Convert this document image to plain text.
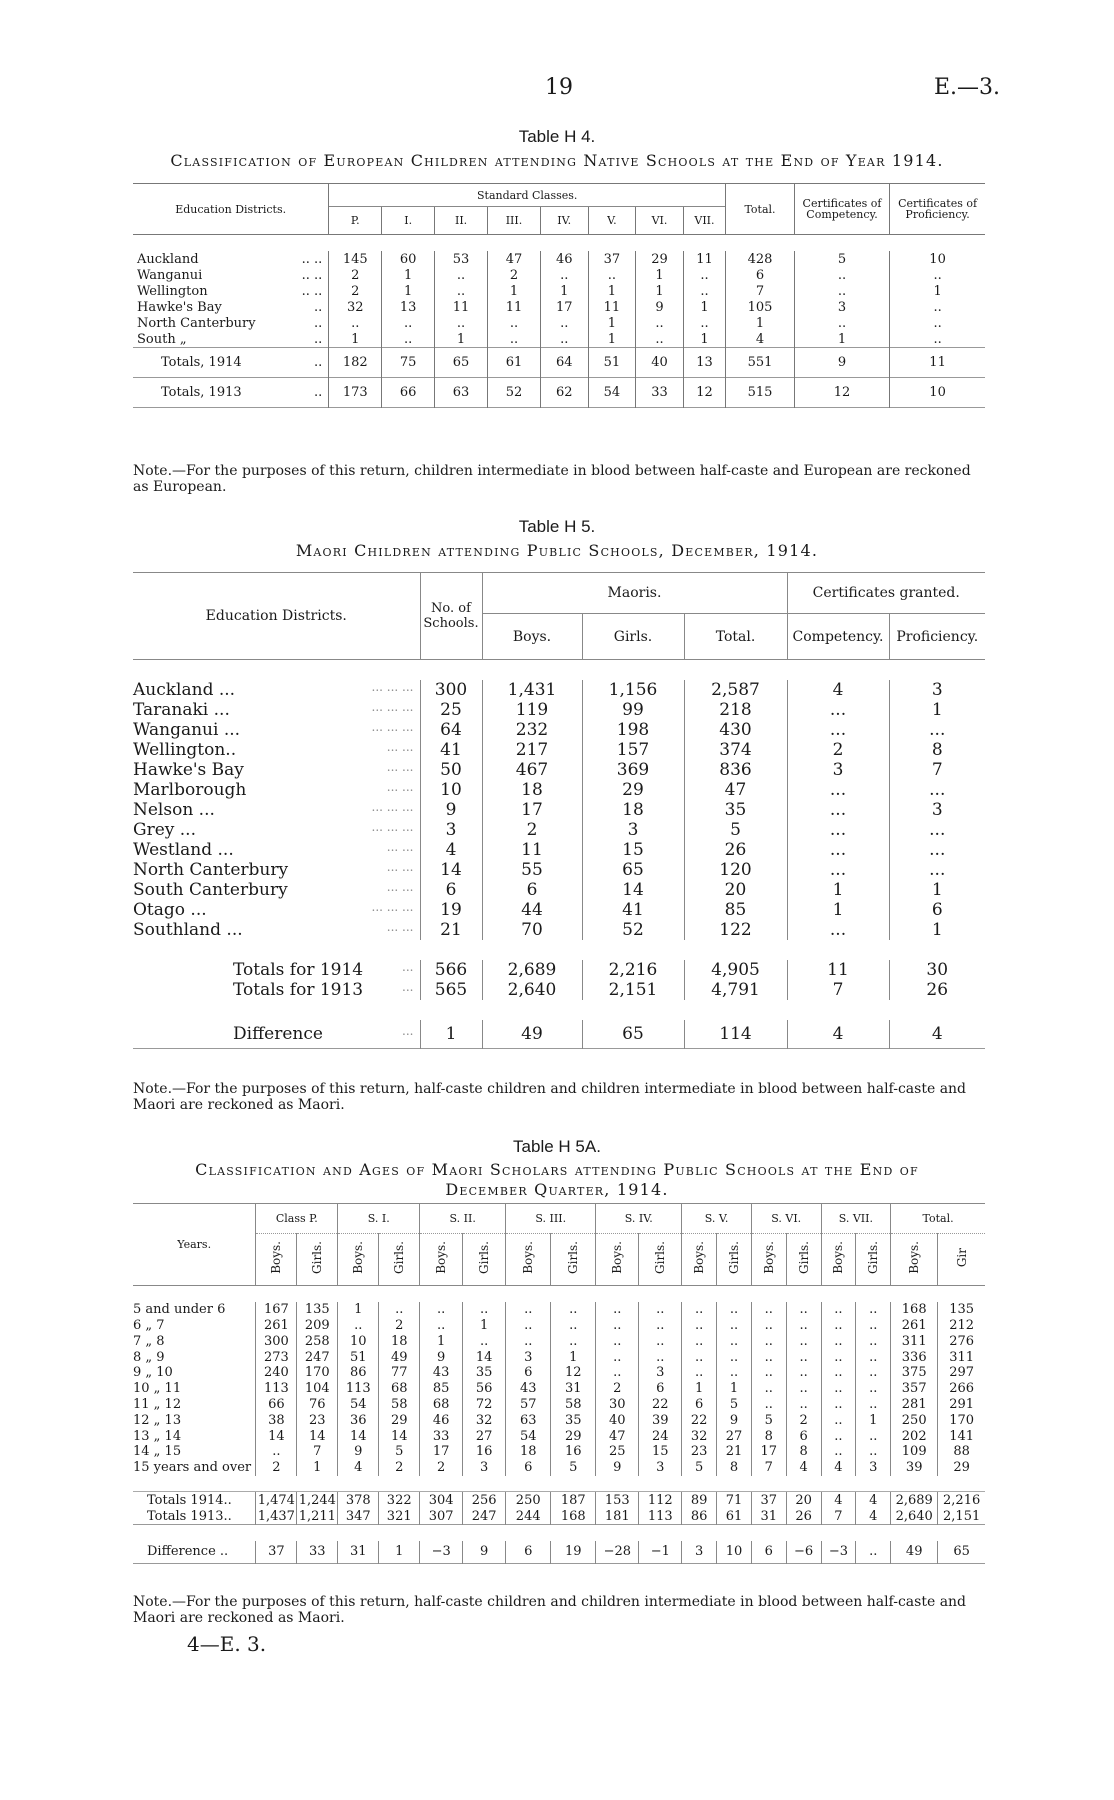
19	E.—3.
Table H 4.
Classification of European Children attending Native Schools at the End of Year 1914.
Education Districts.	Standard Classes.								Total.	Certificates of Competency.	Certificates of Proficiency.
	P.	I.	II.	III.	IV.	V.	VI.	VII.			

Auckland .. ..	145	60	53	47	46	37	29	11	428	5	10
Wanganui .. ..	2	1	..	2	..	..	1	..	6	..	..
Wellington .. ..	2	1	..	1	1	1	1	..	7	..	1
Hawke's Bay ..	32	13	11	11	17	11	9	1	105	3	..
North Canterbury ..	..	..	..	..	..	1	..	..	1	..	..
South „ ..	1	..	1	..	..	1	..	1	4	1	..
Totals, 1914 ..	182	75	65	61	64	51	40	13	551	9	11
Totals, 1913 ..	173	66	63	52	62	54	33	12	515	12	10
Note.—For the purposes of this return, children intermediate in blood between half-caste and European are reckoned as European.
Table H 5.
Maori Children attending Public Schools, December, 1914.
Education Districts.	No. of Schools.	Maoris.			Certificates granted.	
		Boys.	Girls.	Total.	Competency.	Proficiency.

Auckland ... ... ... ...	300	1,431	1,156	2,587	4	3
Taranaki ... ... ... ...	25	119	99	218	...	1
Wanganui ... ... ... ...	64	232	198	430	...	...
Wellington.. ... ...	41	217	157	374	2	8
Hawke's Bay ... ...	50	467	369	836	3	7
Marlborough ... ...	10	18	29	47	...	...
Nelson ... ... ... ...	9	17	18	35	...	3
Grey ... ... ... ...	3	2	3	5	...	...
Westland ... ... ...	4	11	15	26	...	...
North Canterbury ... ...	14	55	65	120	...	...
South Canterbury ... ...	6	6	14	20	1	1
Otago ... ... ... ...	19	44	41	85	1	6
Southland ... ... ...	21	70	52	122	...	1

Totals for 1914 ...	566	2,689	2,216	4,905	11	30
Totals for 1913 ...	565	2,640	2,151	4,791	7	26

Difference ...	1	49	65	114	4	4
Note.—For the purposes of this return, half-caste children and children intermediate in blood between half-caste and Maori are reckoned as Maori.
Table H 5A.
Classification and Ages of Maori Scholars attending Public Schools at the End of
December Quarter, 1914.
Years.	Class P.		S. I.		S. II.		S. III.		S. IV.		S. V.		S. VI.		S. VII.		Total.	
	Boys.	Girls.	Boys.	Girls.	Boys.	Girls.	Boys.	Girls.	Boys.	Girls.	Boys.	Girls.	Boys.	Girls.	Boys.	Girls.	Boys.	Gir

5 and under 6	167	135	1	..	..	..	..	..	..	..	..	..	..	..	..	..	168	135
6 „ 7	261	209	..	2	..	1	..	..	..	..	..	..	..	..	..	..	261	212
7 „ 8	300	258	10	18	1	..	..	..	..	..	..	..	..	..	..	..	311	276
8 „ 9	273	247	51	49	9	14	3	1	..	..	..	..	..	..	..	..	336	311
9 „ 10	240	170	86	77	43	35	6	12	..	3	..	..	..	..	..	..	375	297
10 „ 11	113	104	113	68	85	56	43	31	2	6	1	1	..	..	..	..	357	266
11 „ 12	66	76	54	58	68	72	57	58	30	22	6	5	..	..	..	..	281	291
12 „ 13	38	23	36	29	46	32	63	35	40	39	22	9	5	2	..	1	250	170
13 „ 14	14	14	14	14	33	27	54	29	47	24	32	27	8	6	..	..	202	141
14 „ 15	..	7	9	5	17	16	18	16	25	15	23	21	17	8	..	..	109	88
15 years and over	2	1	4	2	2	3	6	5	9	3	5	8	7	4	4	3	39	29

Totals 1914..	1,474	1,244	378	322	304	256	250	187	153	112	89	71	37	20	4	4	2,689	2,216
Totals 1913..	1,437	1,211	347	321	307	247	244	168	181	113	86	61	31	26	7	4	2,640	2,151

Difference ..	37	33	31	1	−3	9	6	19	−28	−1	3	10	6	−6	−3	..	49	65
Note.—For the purposes of this return, half-caste children and children intermediate in blood between half-caste and Maori are reckoned as Maori.
4—E. 3.
